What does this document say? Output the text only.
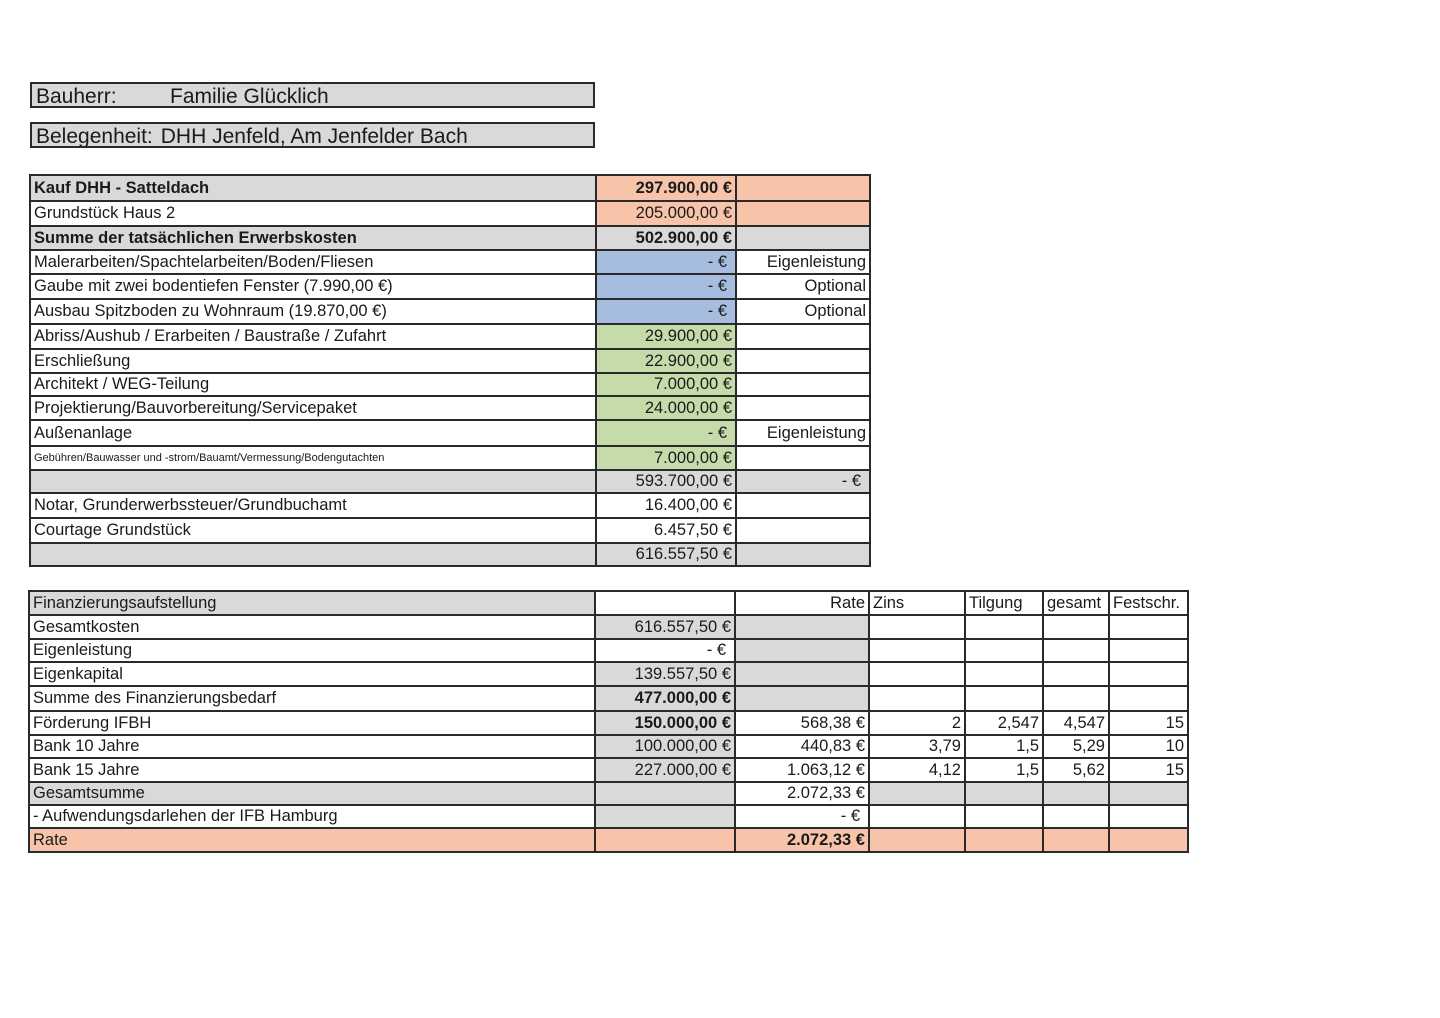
Bauherr:	Familie Glücklich
Belegenheit: DHH Jenfeld, Am Jenfelder Bach
Kauf DHH - Satteldach	297.900,00 €	
Grundstück Haus 2	205.000,00 €	
Summe der tatsächlichen Erwerbskosten	502.900,00 €	
Malerarbeiten/Spachtelarbeiten/Boden/Fliesen	- €	Eigenleistung
Gaube mit zwei bodentiefen Fenster (7.990,00 €)	- €	Optional
Ausbau Spitzboden zu Wohnraum (19.870,00 €)	- €	Optional
Abriss/Aushub / Erarbeiten / Baustraße / Zufahrt	29.900,00 €	
Erschließung	22.900,00 €	
Architekt / WEG-Teilung	7.000,00 €	
Projektierung/Bauvorbereitung/Servicepaket	24.000,00 €	
Außenanlage	- €	Eigenleistung
Gebühren/Bauwasser und -strom/Bauamt/Vermessung/Bodengutachten	7.000,00 €	
	593.700,00 €	- €
Notar, Grunderwerbssteuer/Grundbuchamt	16.400,00 €	
Courtage Grundstück	6.457,50 €	
	616.557,50 €	
Finanzierungsaufstellung		Rate	Zins	Tilgung	gesamt	Festschr.
Gesamtkosten	616.557,50 €					
Eigenleistung	- €					
Eigenkapital	139.557,50 €					
Summe des Finanzierungsbedarf	477.000,00 €					
Förderung IFBH	150.000,00 €	568,38 €	2	2,547	4,547	15
Bank 10 Jahre	100.000,00 €	440,83 €	3,79	1,5	5,29	10
Bank 15 Jahre	227.000,00 €	1.063,12 €	4,12	1,5	5,62	15
Gesamtsumme		2.072,33 €				
- Aufwendungsdarlehen der IFB Hamburg		- €				
Rate		2.072,33 €				
